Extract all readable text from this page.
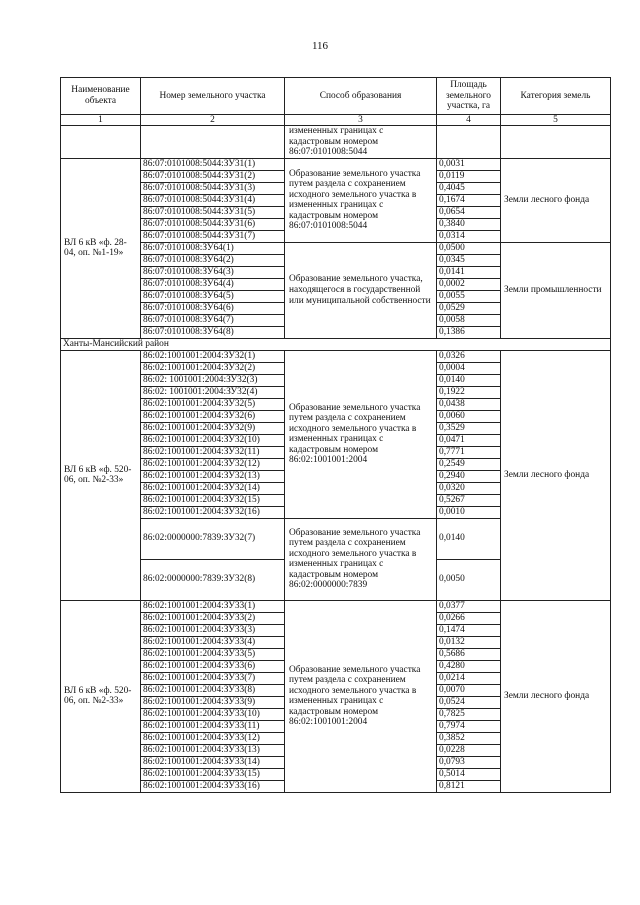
116
Наименование объекта	Номер земельного участка	Способ образования	Площадь земельного участка, га	Категория земель
1	2	3	4	5
		измененных границах с кадастровым номером 86:07:0101008:5044		
ВЛ 6 кВ «ф. 28-04, оп. №1-19»	86:07:0101008:5044:ЗУ31(1)	Образование земельного участка путем раздела с сохранением исходного земельного участка в измененных границах с кадастровым номером 86:07:0101008:5044	0,0031	Земли лесного фонда
	86:07:0101008:5044:ЗУ31(2)		0,0119	
	86:07:0101008:5044:ЗУ31(3)		0,4045	
	86:07:0101008:5044:ЗУ31(4)		0,1674	
	86:07:0101008:5044:ЗУ31(5)		0,0654	
	86:07:0101008:5044:ЗУ31(6)		0,3840	
	86:07:0101008:5044:ЗУ31(7)		0,0314	
	86:07:0101008:ЗУ64(1)	Образование земельного участка, находящегося в государственной или муниципальной собственности	0,0500	Земли промышленности
	86:07:0101008:ЗУ64(2)		0,0345	
	86:07:0101008:ЗУ64(3)		0,0141	
	86:07:0101008:ЗУ64(4)		0,0002	
	86:07:0101008:ЗУ64(5)		0,0055	
	86:07:0101008:ЗУ64(6)		0,0529	
	86:07:0101008:ЗУ64(7)		0,0058	
	86:07:0101008:ЗУ64(8)		0,1386	
Ханты-Мансийский район				
ВЛ 6 кВ «ф. 520-06, оп. №2-33»	86:02:1001001:2004:ЗУ32(1)	Образование земельного участка путем раздела с сохранением исходного земельного участка в измененных границах с кадастровым номером 86:02:1001001:2004	0,0326	Земли лесного фонда
	86:02:1001001:2004:ЗУ32(2)		0,0004	
	86:02: 1001001:2004:ЗУ32(3)		0,0140	
	86:02: 1001001:2004:ЗУ32(4)		0,1922	
	86:02:1001001:2004:ЗУ32(5)		0,0438	
	86:02:1001001:2004:ЗУ32(6)		0,0060	
	86:02:1001001:2004:ЗУ32(9)		0,3529	
	86:02:1001001:2004:ЗУ32(10)		0,0471	
	86:02:1001001:2004:ЗУ32(11)		0,7771	
	86:02:1001001:2004:ЗУ32(12)		0,2549	
	86:02:1001001:2004:ЗУ32(13)		0,2940	
	86:02:1001001:2004:ЗУ32(14)		0,0320	
	86:02:1001001:2004:ЗУ32(15)		0,5267	
	86:02:1001001:2004:ЗУ32(16)		0,0010	
	86:02:0000000:7839:ЗУ32(7)	Образование земельного участка путем раздела с сохранением исходного земельного участка в измененных границах с кадастровым номером 86:02:0000000:7839	0,0140	
	86:02:0000000:7839:ЗУ32(8)		0,0050	
ВЛ 6 кВ «ф. 520-06, оп. №2-33»	86:02:1001001:2004:ЗУ33(1)	Образование земельного участка путем раздела с сохранением исходного земельного участка в измененных границах с кадастровым номером 86:02:1001001:2004	0,0377	Земли лесного фонда
	86:02:1001001:2004:ЗУ33(2)		0,0266	
	86:02:1001001:2004:ЗУ33(3)		0,1474	
	86:02:1001001:2004:ЗУ33(4)		0,0132	
	86:02:1001001:2004:ЗУ33(5)		0,5686	
	86:02:1001001:2004:ЗУ33(6)		0,4280	
	86:02:1001001:2004:ЗУ33(7)		0,0214	
	86:02:1001001:2004:ЗУ33(8)		0,0070	
	86:02:1001001:2004:ЗУ33(9)		0,0524	
	86:02:1001001:2004:ЗУ33(10)		0,7825	
	86:02:1001001:2004:ЗУ33(11)		0,7974	
	86:02:1001001:2004:ЗУ33(12)		0,3852	
	86:02:1001001:2004:ЗУ33(13)		0,0228	
	86:02:1001001:2004:ЗУ33(14)		0,0793	
	86:02:1001001:2004:ЗУ33(15)		0,5014	
	86:02:1001001:2004:ЗУ33(16)		0,8121	
